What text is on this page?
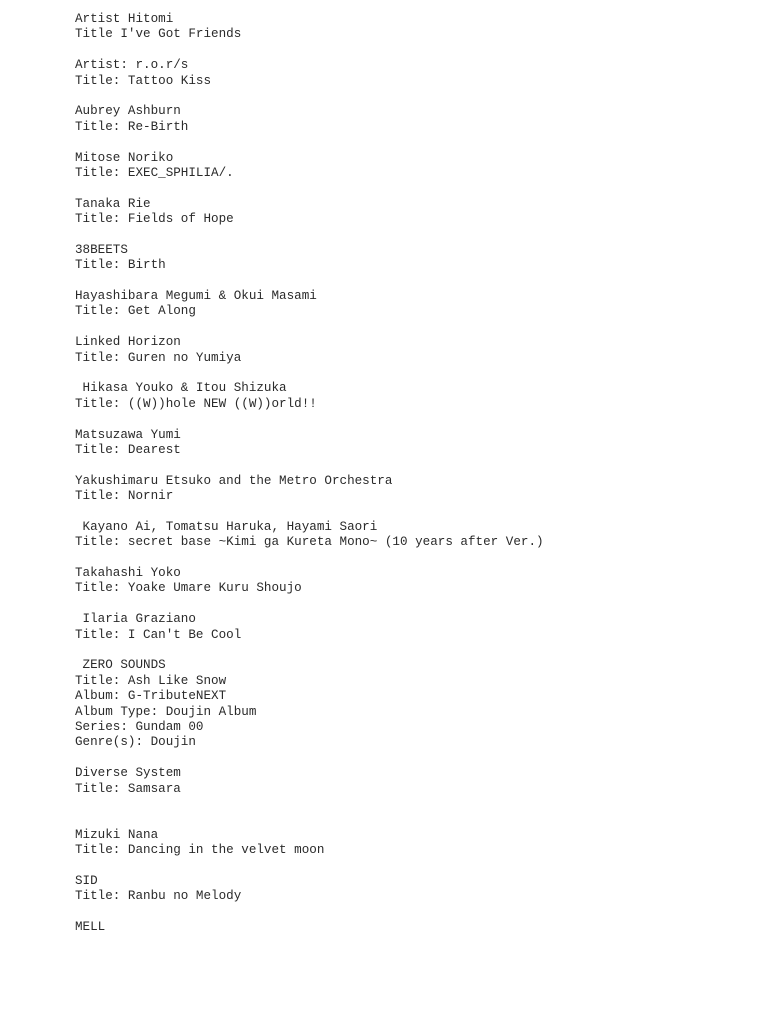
Artist Hitomi
Title I've Got Friends
Artist: r.o.r/s
Title: Tattoo Kiss
Aubrey Ashburn
Title: Re-Birth
Mitose Noriko
Title: EXEC_SPHILIA/.
Tanaka Rie
Title: Fields of Hope
38BEETS
Title: Birth
Hayashibara Megumi & Okui Masami
Title: Get Along
Linked Horizon
Title: Guren no Yumiya
Hikasa Youko & Itou Shizuka
Title: ((W))hole NEW ((W))orld!!
Matsuzawa Yumi
Title: Dearest
Yakushimaru Etsuko and the Metro Orchestra
Title: Nornir
Kayano Ai, Tomatsu Haruka, Hayami Saori
Title: secret base ~Kimi ga Kureta Mono~ (10 years after Ver.)
Takahashi Yoko
Title: Yoake Umare Kuru Shoujo
Ilaria Graziano
Title: I Can't Be Cool
ZERO SOUNDS
Title: Ash Like Snow
Album: G-TributeNEXT
Album Type: Doujin Album
Series: Gundam 00
Genre(s): Doujin
Diverse System
Title: Samsara
Mizuki Nana
Title: Dancing in the velvet moon
SID
Title: Ranbu no Melody
MELL
